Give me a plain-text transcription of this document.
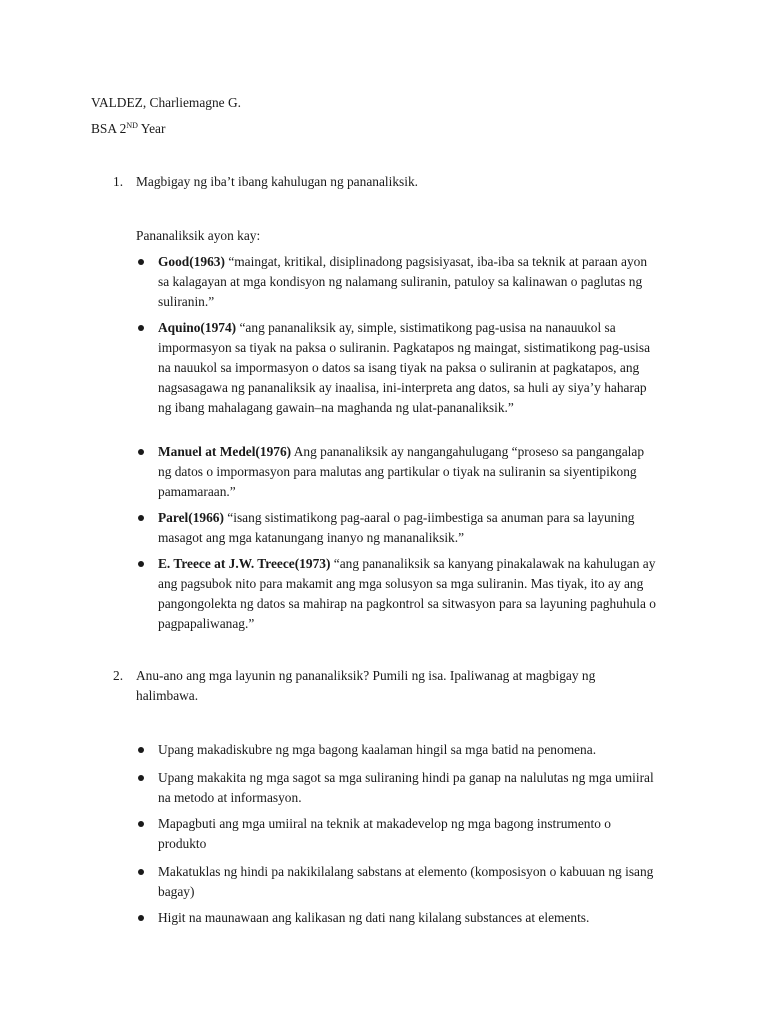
VALDEZ, Charliemagne G.

BSA 2ND Year

1. Magbigay ng iba’t ibang kahulugan ng pananaliksik.

Pananaliksik ayon kay:

Good(1963) “maingat, kritikal, disiplinadong pagsisiyasat, iba-iba sa teknik at paraan ayon sa kalagayan at mga kondisyon ng nalamang suliranin, patuloy sa kalinawan o paglutas ng suliranin.”
Aquino(1974) “ang pananaliksik ay, simple, sistimatikong pag-usisa na nanauukol sa impormasyon sa tiyak na paksa o suliranin. Pagkatapos ng maingat, sistimatikong pag-usisa na nauukol sa impormasyon o datos sa isang tiyak na paksa o suliranin at pagkatapos, ang nagsasagawa ng pananaliksik ay inaalisa, ini-interpreta ang datos, sa huli ay siya’y haharap ng ibang mahalagang gawain–na maghanda ng ulat-pananaliksik.”
Manuel at Medel(1976) Ang pananaliksik ay nangangahulugang “proseso sa pangangalap ng datos o impormasyon para malutas ang partikular o tiyak na suliranin sa siyentipikong pamamaraan.”
Parel(1966) “isang sistimatikong pag-aaral o pag-iimbestiga sa anuman para sa layuning masagot ang mga katanungang inanyo ng mananaliksik.”
E. Treece at J.W. Treece(1973) “ang pananaliksik sa kanyang pinakalawak na kahulugan ay ang pagsubok nito para makamit ang mga solusyon sa mga suliranin. Mas tiyak, ito ay ang pangongolekta ng datos sa mahirap na pagkontrol sa sitwasyon para sa layuning paghuhula o pagpapaliwanag.”
2. Anu-ano ang mga layunin ng pananaliksik? Pumili ng isa. Ipaliwanag at magbigay ng halimbawa.
Upang makadiskubre ng mga bagong kaalaman hingil sa mga batid na penomena.
Upang makakita ng mga sagot sa mga suliraning hindi pa ganap na nalulutas ng mga umiiral na metodo at informasyon.
Mapagbuti ang mga umiiral na teknik at makadevelop ng mga bagong instrumento o produkto
Makatuklas ng hindi pa nakikilalang sabstans at elemento (komposisyon o kabuuan ng isang bagay)
Higit na maunawaan ang kalikasan ng dati nang kilalang substances at elements.
